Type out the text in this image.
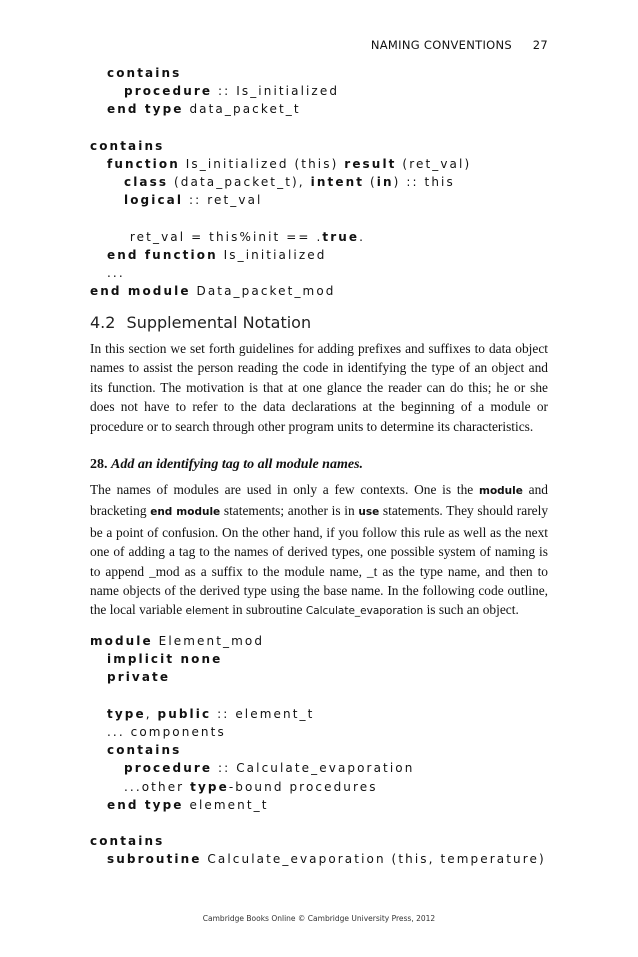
NAMING CONVENTIONS 27
contains
procedure :: Is_initialized
end type data_packet_t
contains
function Is_initialized (this) result (ret_val)
class (data_packet_t), intent (in) :: this
logical :: ret_val
ret_val = this%init == .true.
end function Is_initialized
...
end module Data_packet_mod
4.2 Supplemental Notation

In this section we set forth guidelines for adding prefixes and suffixes to data object names to assist the person reading the code in identifying the type of an object and its function. The motivation is that at one glance the reader can do this; he or she does not have to refer to the data declarations at the beginning of a module or procedure or to search through other program units to determine its characteristics.

28. Add an identifying tag to all module names.

The names of modules are used in only a few contexts. One is the module and bracketing end module statements; another is in use statements. They should rarely be a point of confusion. On the other hand, if you follow this rule as well as the next one of adding a tag to the names of derived types, one possible system of naming is to append _mod as a suffix to the module name, _t as the type name, and then to name objects of the derived type using the base name. In the following code outline, the local variable element in subroutine Calculate_evaporation is such an object.

module Element_mod
implicit none
private
type, public :: element_t
... components
contains
procedure :: Calculate_evaporation
...other type-bound procedures
end type element_t
contains
subroutine Calculate_evaporation (this, temperature)
Cambridge Books Online © Cambridge University Press, 2012
